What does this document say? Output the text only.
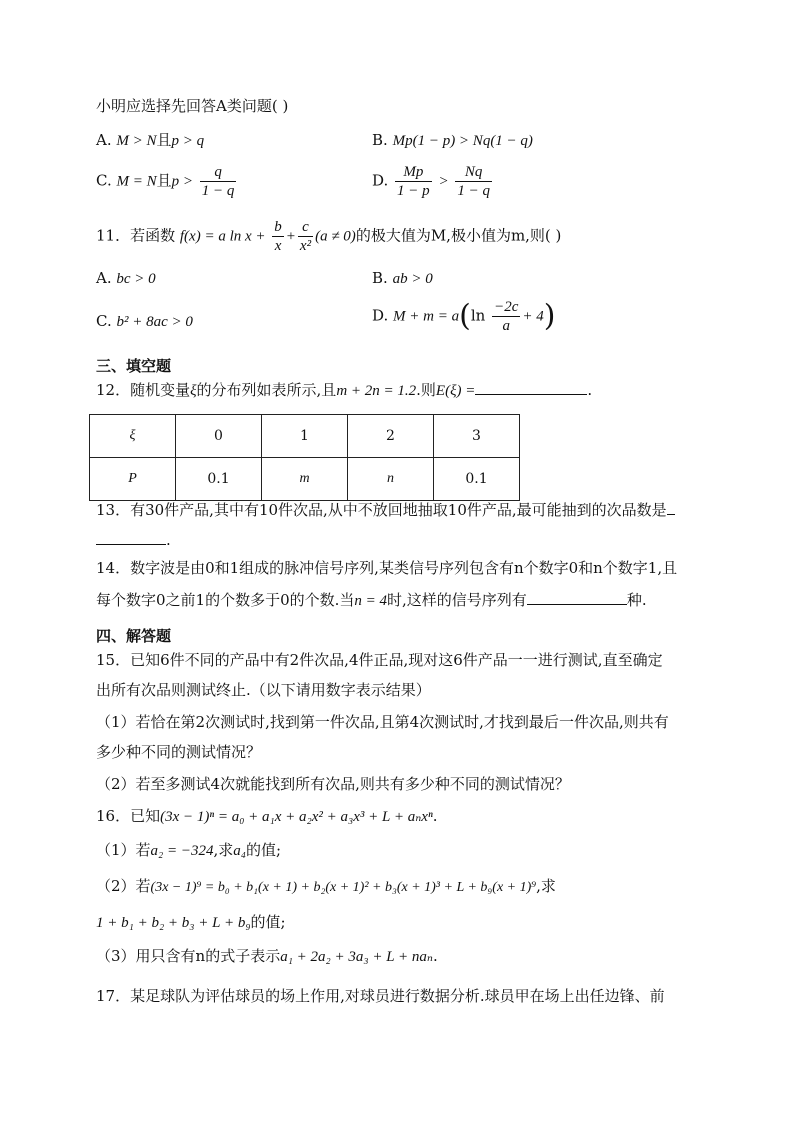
小明应选择先回答A类问题( )
A. M > N且p > q	B. Mp(1 − p) > Nq(1 − q)
C. M = N且$p > \frac{q}{1 - q}$	D. $\frac{Mp}{1 - p} > \frac{Nq}{1 - q}$
11．若函数 f(x) = a $\ln x + \frac{b}{x} + \frac{c}{\text{x²}} (a \ne 0)$的极大值为M,极小值为m,则( )
A. bc > 0	B. ab > 0
C. b² + 8ac > 0	D. $M + m = a(\ln \frac{-2c}{a} + 4)$
三、填空题
12．随机变量ξ的分布列如表所示,且m + 2n = 1.2.则E(ξ) =	.
ξ	0	1	2	3
P	0.1	m	n	0.1
13．有30件产品,其中有10件次品,从中不放回地抽取10件产品,最可能抽到的次品数是
.
14．数字波是由0和1组成的脉冲信号序列,某类信号序列包含有n个数字0和n个数字1,且
每个数字0之前1的个数多于0的个数.当n = 4时,这样的信号序列有	种.
四、解答题
15．已知6件不同的产品中有2件次品,4件正品,现对这6件产品一一进行测试,直至确定
出所有次品则测试终止.（以下请用数字表示结果）
（1）若恰在第2次测试时,找到第一件次品,且第4次测试时,才找到最后一件次品,则共有
多少种不同的测试情况？
（2）若至多测试4次就能找到所有次品,则共有多少种不同的测试情况？
16．已知(3x − 1)ⁿ = a₀ + a₁x + a₂x² + a₃x³ + L + aₙxⁿ.
（1）若a₂ = −324,求a₄的值;
（2）若(3x − 1)⁹ = b₀ + b₁(x + 1) + b₂(x + 1)² + b₃(x + 1)³ + L + b₉(x + 1)⁹,求
1 + b₁ + b₂ + b₃ + L + b₉的值;
（3）用只含有n的式子表示a₁ + 2a₂ + 3a₃ + L + naₙ.
17．某足球队为评估球员的场上作用,对球员进行数据分析.球员甲在场上出任边锋、前
